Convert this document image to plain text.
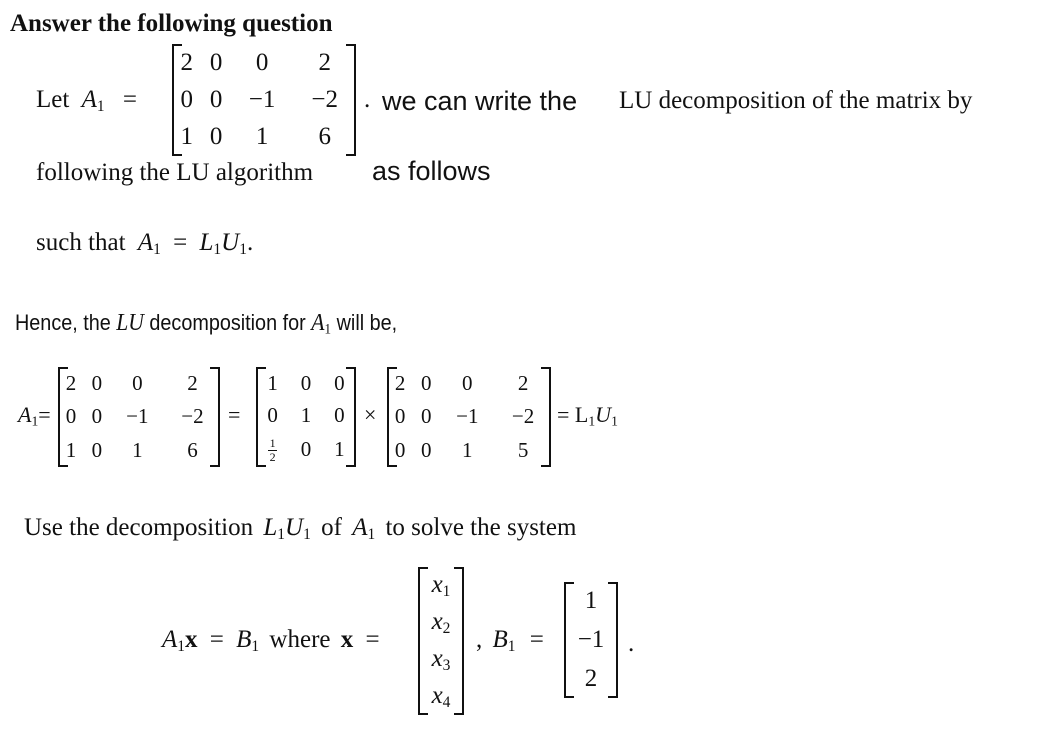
Answer the following question
Let $A_1$ =
2	0	0	2
0	0	−1	−2
1	0	1	6
. we can write the LU decomposition of the matrix by
following the LU algorithm as follows
such that $A_1 = L_1U_1$.
Hence, the LU decomposition for $A_1$ will be,
$A_1=$
2	0	0	2
0	0	−1	−2
1	0	1	6
=
1	0	0
0	1	0

$\frac{1}{2}$	0	1
×
2	0	0	2
0	0	−1	−2
0	0	1	5
= $L_1U_1$
Use the decomposition $L_1U_1$ of $A_1$ to solve the system
$A_1x = B_1$ where x =
$x_1$
$x_2$
$x_3$
$x_4$
, $B_1$ =
1
−1
2
.
